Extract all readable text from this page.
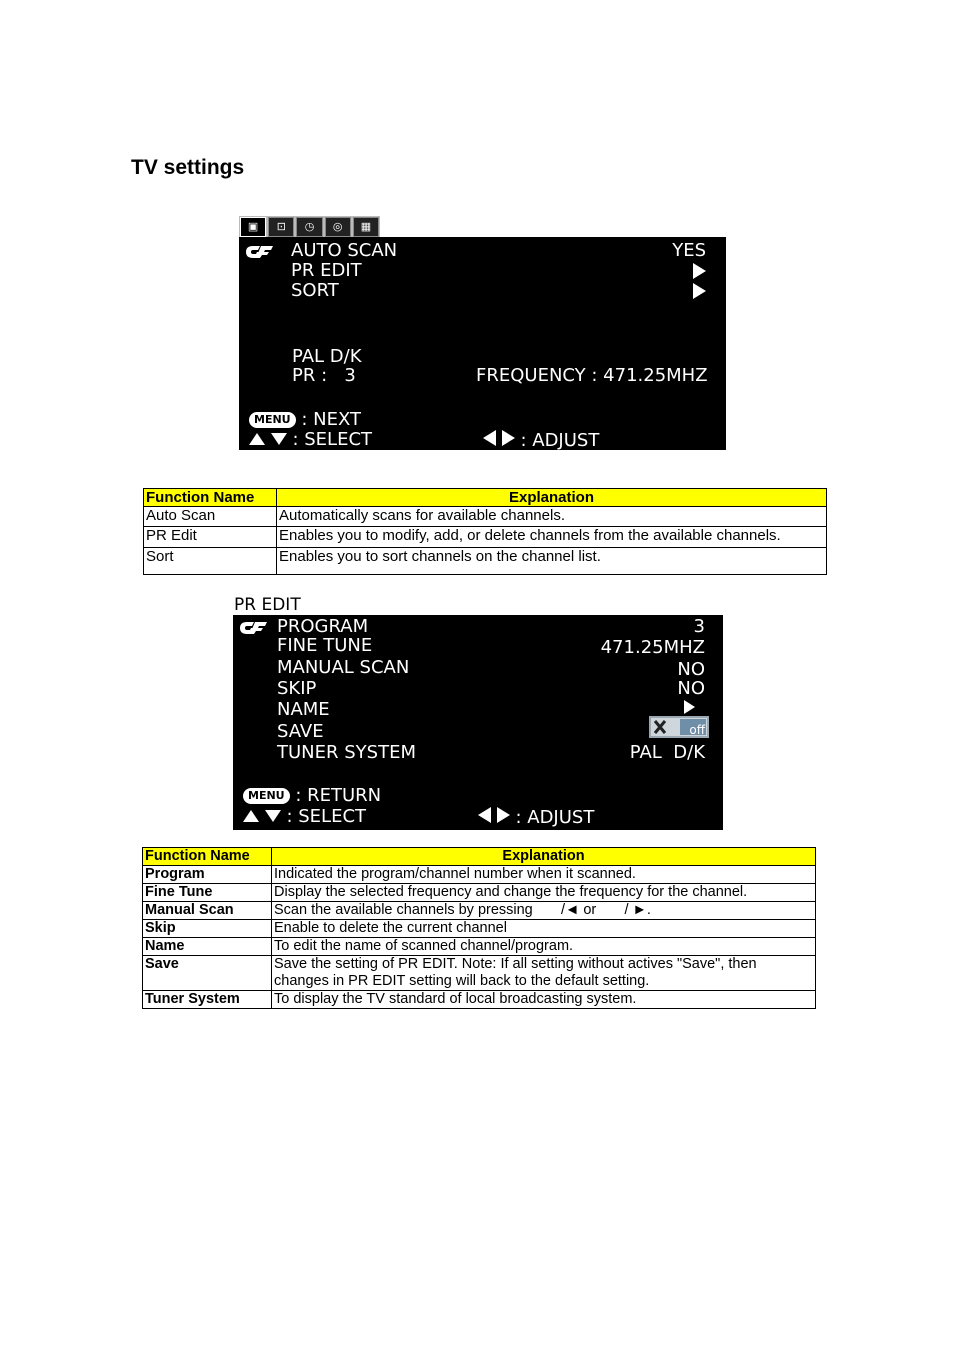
TV settings
▣	⊡	◷	◎	▦
AUTO SCAN	YES
PR EDIT
SORT
PAL D/K
PR :   3	FREQUENCY : 471.25MHZ
MENU : NEXT
: SELECT	: ADJUST
Function Name	Explanation
Auto Scan	Automatically scans for available channels.
PR Edit	Enables you to modify, add, or delete channels from the available channels.
Sort	Enables you to sort channels on the channel list.
PR EDIT
PROGRAM	3
FINE TUNE	471.25MHZ
MANUAL SCAN	NO
SKIP	NO
NAME
SAVE	off
TUNER SYSTEM	PAL  D/K
MENU : RETURN
: SELECT	: ADJUST
Function Name	Explanation
Program	Indicated the program/channel number when it scanned.
Fine Tune	Display the selected frequency and change the frequency for the channel.
Manual Scan	Scan the available channels by pressing       /◄ or       / ►.
Skip	Enable to delete the current channel
Name	To edit the name of scanned channel/program.
Save	Save the setting of PR EDIT. Note: If all setting without actives "Save", then changes in PR EDIT setting will back to the default setting.
Tuner System	To display the TV standard of local broadcasting system.
